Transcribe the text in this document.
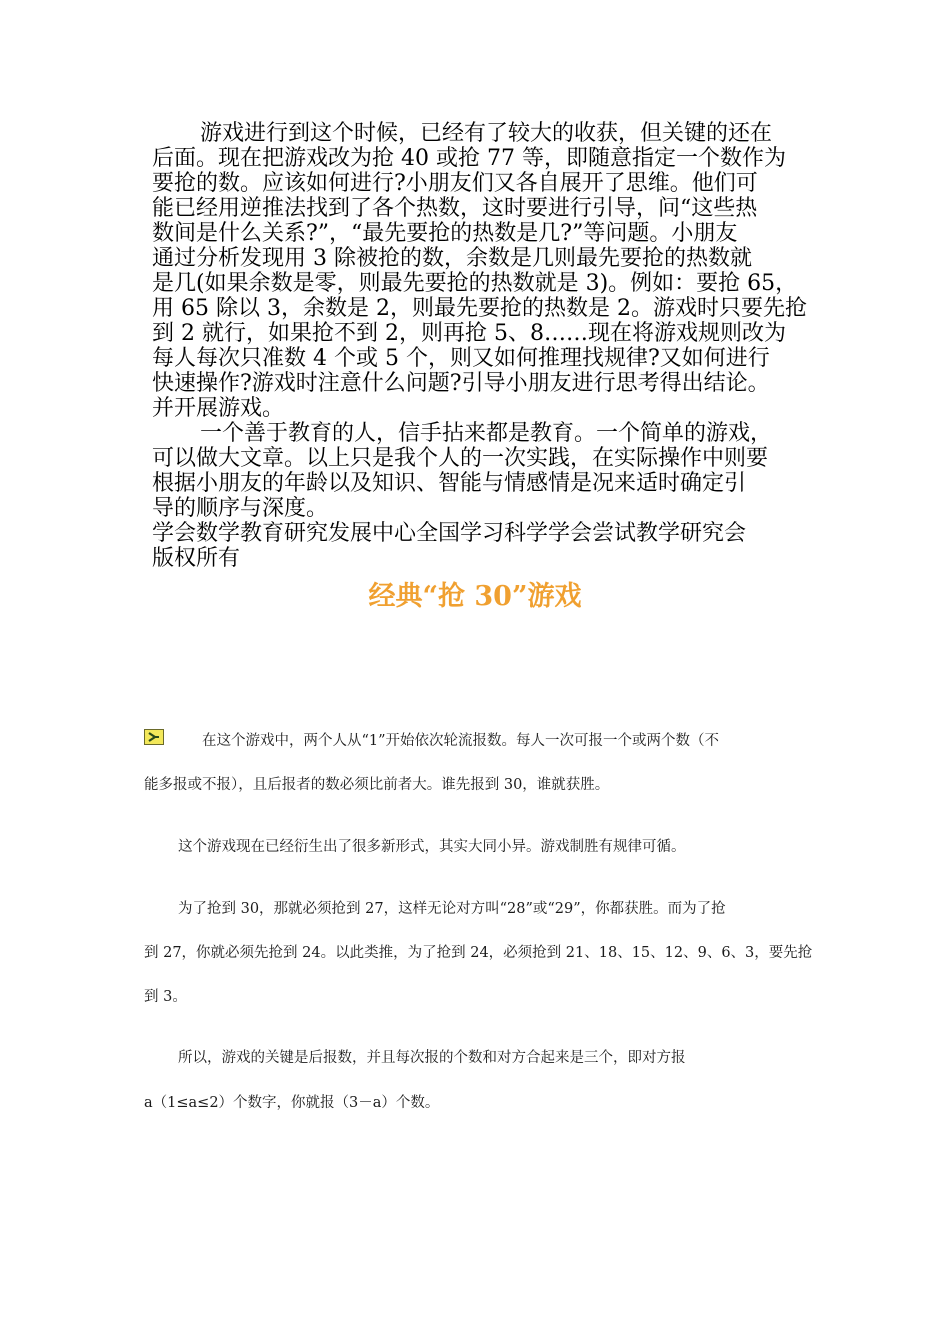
游戏进行到这个时候，已经有了较大的收获，但关键的还在

后面。现在把游戏改为抢 40 或抢 77 等，即随意指定一个数作为

要抢的数。应该如何进行?小朋友们又各自展开了思维。他们可

能已经用逆推法找到了各个热数，这时要进行引导，问“这些热

数间是什么关系?”，“最先要抢的热数是几?”等问题。小朋友

通过分析发现用 3 除被抢的数，余数是几则最先要抢的热数就

是几(如果余数是零，则最先要抢的热数就是 3)。例如：要抢 65，

用 65 除以 3，余数是 2，则最先要抢的热数是 2。游戏时只要先抢

到 2 就行，如果抢不到 2，则再抢 5、8……现在将游戏规则改为

每人每次只准数 4 个或 5 个，则又如何推理找规律?又如何进行

快速操作?游戏时注意什么问题?引导小朋友进行思考得出结论。

并开展游戏。

一个善于教育的人，信手拈来都是教育。一个简单的游戏，

可以做大文章。以上只是我个人的一次实践，在实际操作中则要

根据小朋友的年龄以及知识、智能与情感情是况来适时确定引

导的顺序与深度。

学会数学教育研究发展中心全国学习科学学会尝试教学研究会

版权所有

经典“抢 30”游戏
在这个游戏中，两个人从“1”开始依次轮流报数。每人一次可报一个或两个数（不
能多报或不报），且后报者的数必须比前者大。谁先报到 30，谁就获胜。
这个游戏现在已经衍生出了很多新形式，其实大同小异。游戏制胜有规律可循。
为了抢到 30，那就必须抢到 27，这样无论对方叫“28”或“29”，你都获胜。而为了抢
到 27，你就必须先抢到 24。以此类推，为了抢到 24，必须抢到 21、18、15、12、9、6、3，要先抢
到 3。
所以，游戏的关键是后报数，并且每次报的个数和对方合起来是三个，即对方报
a（1≤a≤2）个数字，你就报（3－a）个数。
